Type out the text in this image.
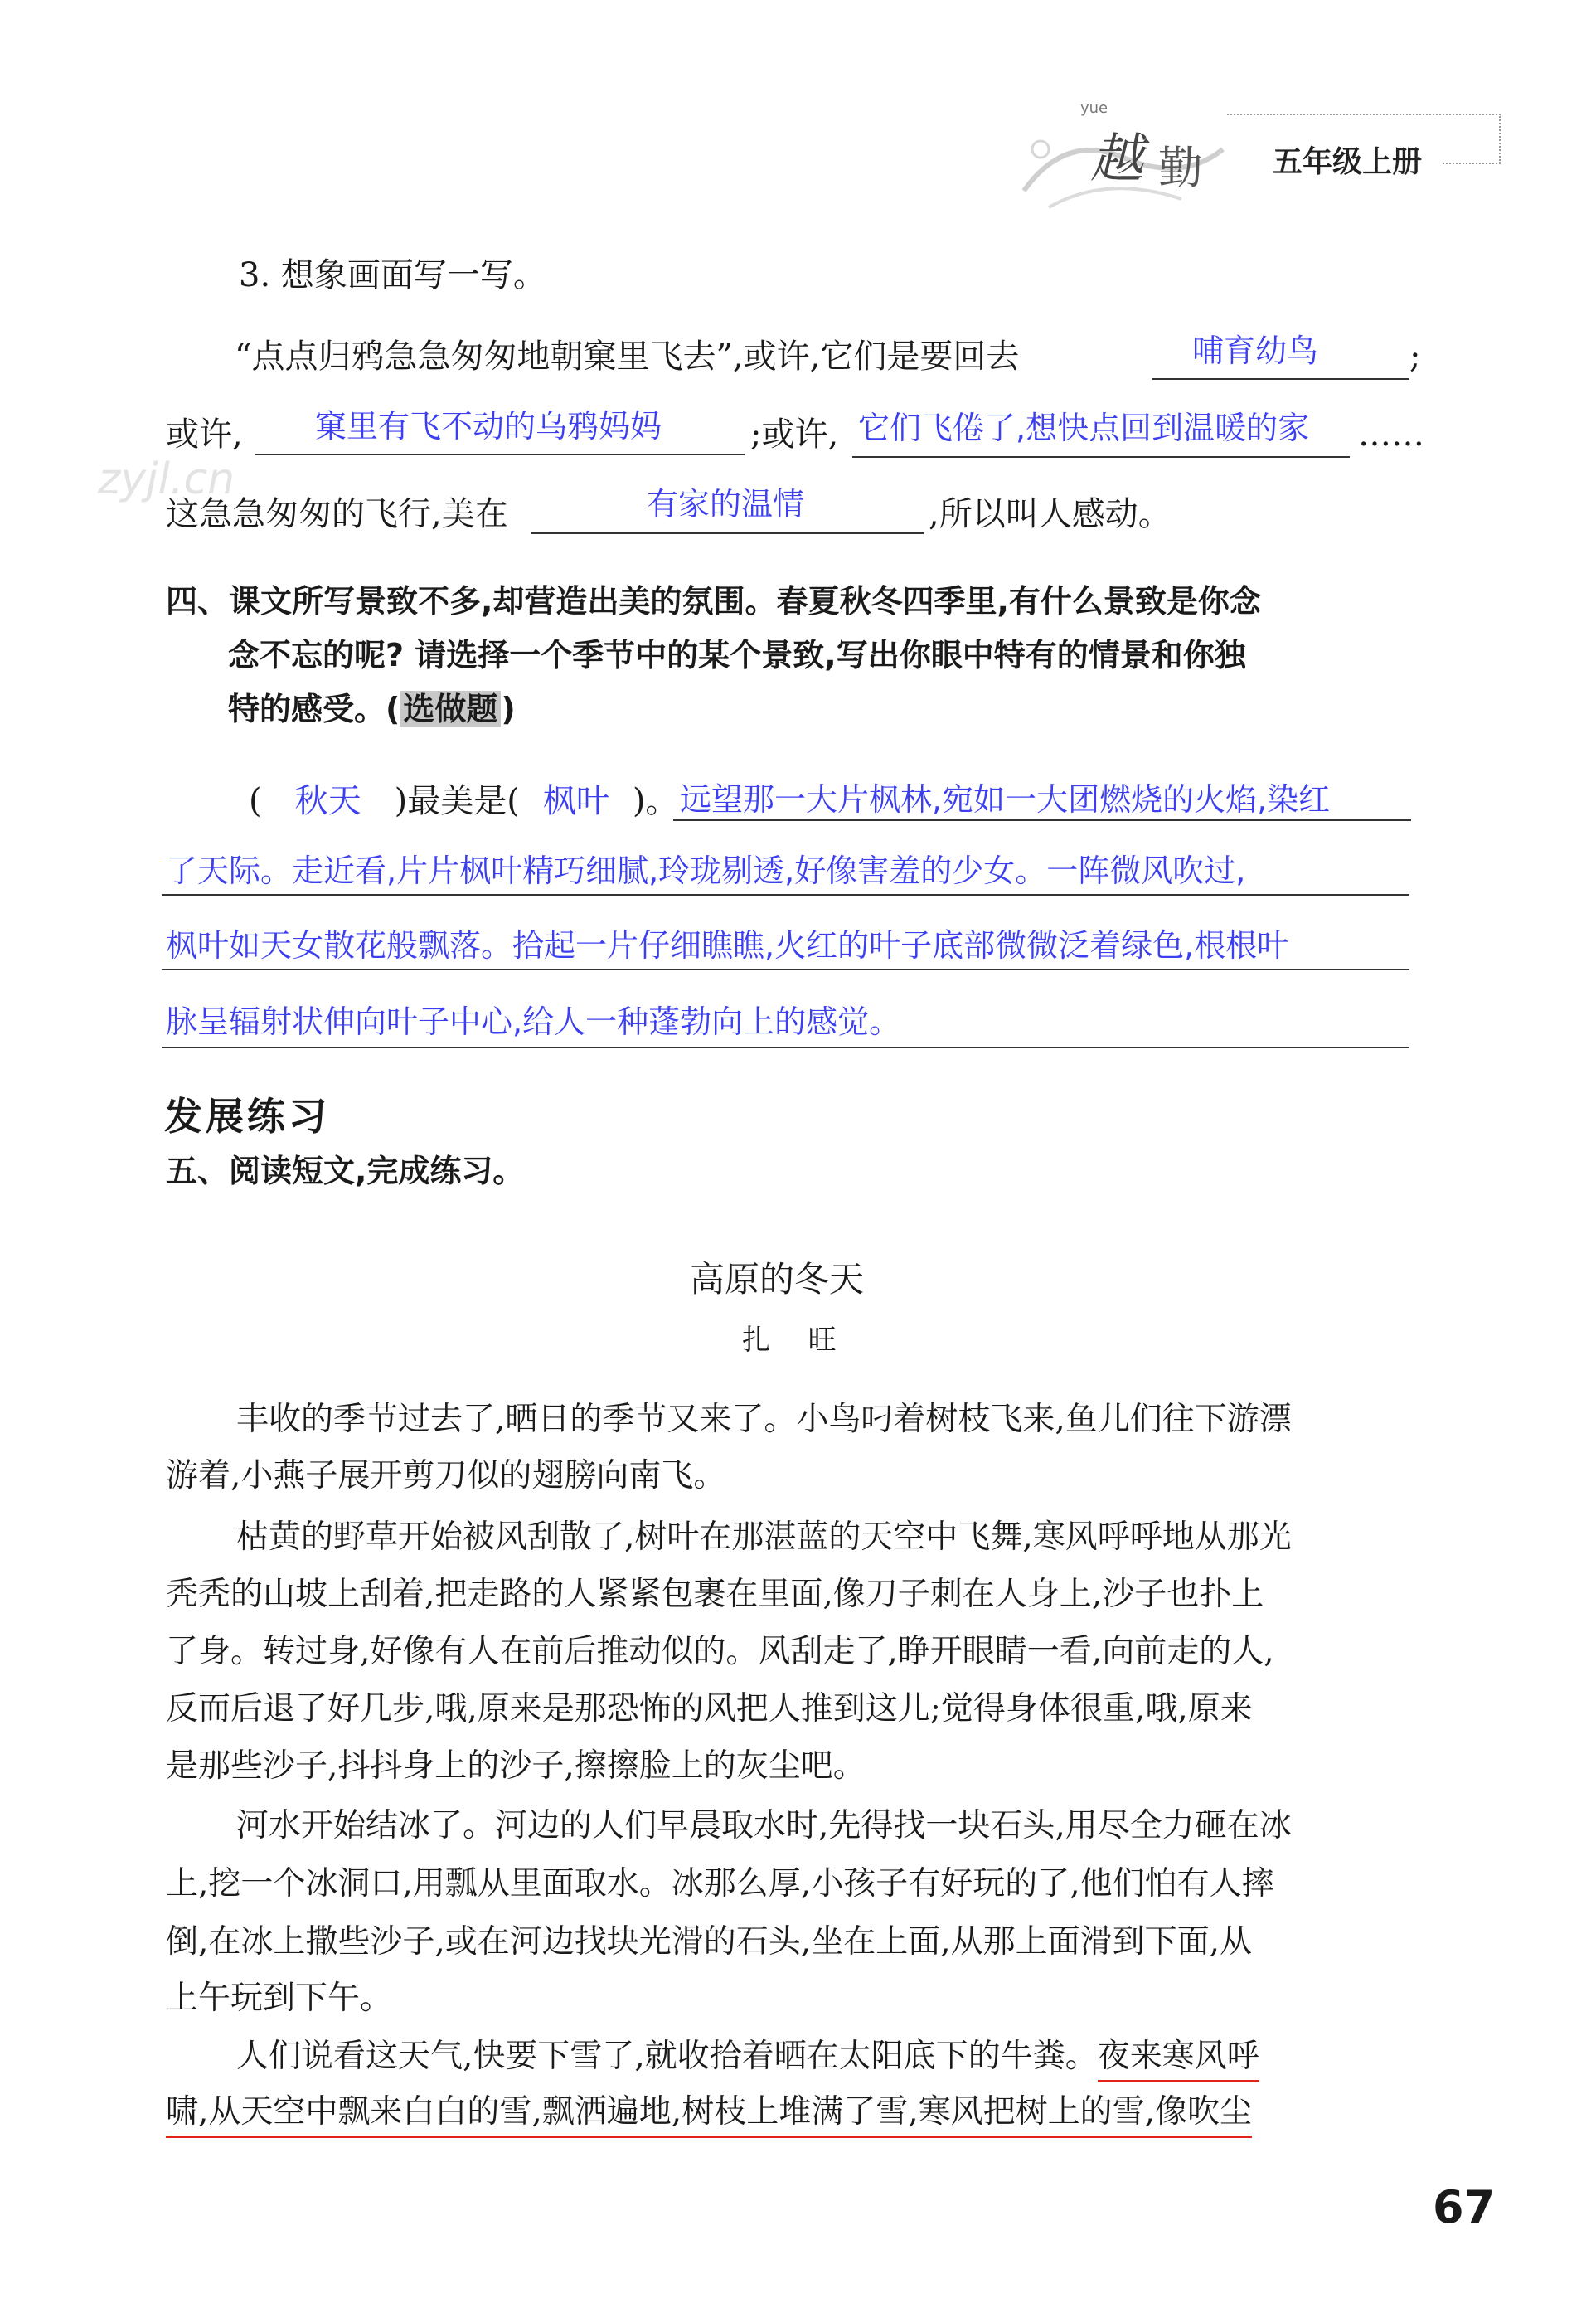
yue
越 勤 五年级上册
zyjl.cn
3. 想象画面写一写。
“点点归鸦急急匆匆地朝窠里飞去”,或许,它们是要回去	哺育幼鸟	;
或许, 窠里有飞不动的乌鸦妈妈	;或许, 它们飞倦了,想快点回到温暖的家 ……
这急急匆匆的飞行,美在	有家的温情	,所以叫人感动。
四、课文所写景致不多,却营造出美的氛围。春夏秋冬四季里,有什么景致是你念
念不忘的呢? 请选择一个季节中的某个景致,写出你眼中特有的情景和你独
特的感受。( 选做题 )
( 秋天 )最美是( 枫叶 )。 远望那一大片枫林,宛如一大团燃烧的火焰,染红
了天际。走近看,片片枫叶精巧细腻,玲珑剔透,好像害羞的少女。一阵微风吹过,
枫叶如天女散花般飘落。拾起一片仔细瞧瞧,火红的叶子底部微微泛着绿色,根根叶
脉呈辐射状伸向叶子中心,给人一种蓬勃向上的感觉。
发展练习
五、阅读短文,完成练习。
高原的冬天
扎  旺
丰收的季节过去了,晒日的季节又来了。小鸟叼着树枝飞来,鱼儿们往下游漂
游着,小燕子展开剪刀似的翅膀向南飞。
枯黄的野草开始被风刮散了,树叶在那湛蓝的天空中飞舞,寒风呼呼地从那光
秃秃的山坡上刮着,把走路的人紧紧包裹在里面,像刀子刺在人身上,沙子也扑上
了身。转过身,好像有人在前后推动似的。风刮走了,睁开眼睛一看,向前走的人,
反而后退了好几步,哦,原来是那恐怖的风把人推到这儿;觉得身体很重,哦,原来
是那些沙子,抖抖身上的沙子,擦擦脸上的灰尘吧。
河水开始结冰了。河边的人们早晨取水时,先得找一块石头,用尽全力砸在冰
上,挖一个冰洞口,用瓢从里面取水。冰那么厚,小孩子有好玩的了,他们怕有人摔
倒,在冰上撒些沙子,或在河边找块光滑的石头,坐在上面,从那上面滑到下面,从
上午玩到下午。
人们说看这天气,快要下雪了,就收拾着晒在太阳底下的牛粪。夜来寒风呼
啸,从天空中飘来白白的雪,飘洒遍地,树枝上堆满了雪,寒风把树上的雪,像吹尘
67
